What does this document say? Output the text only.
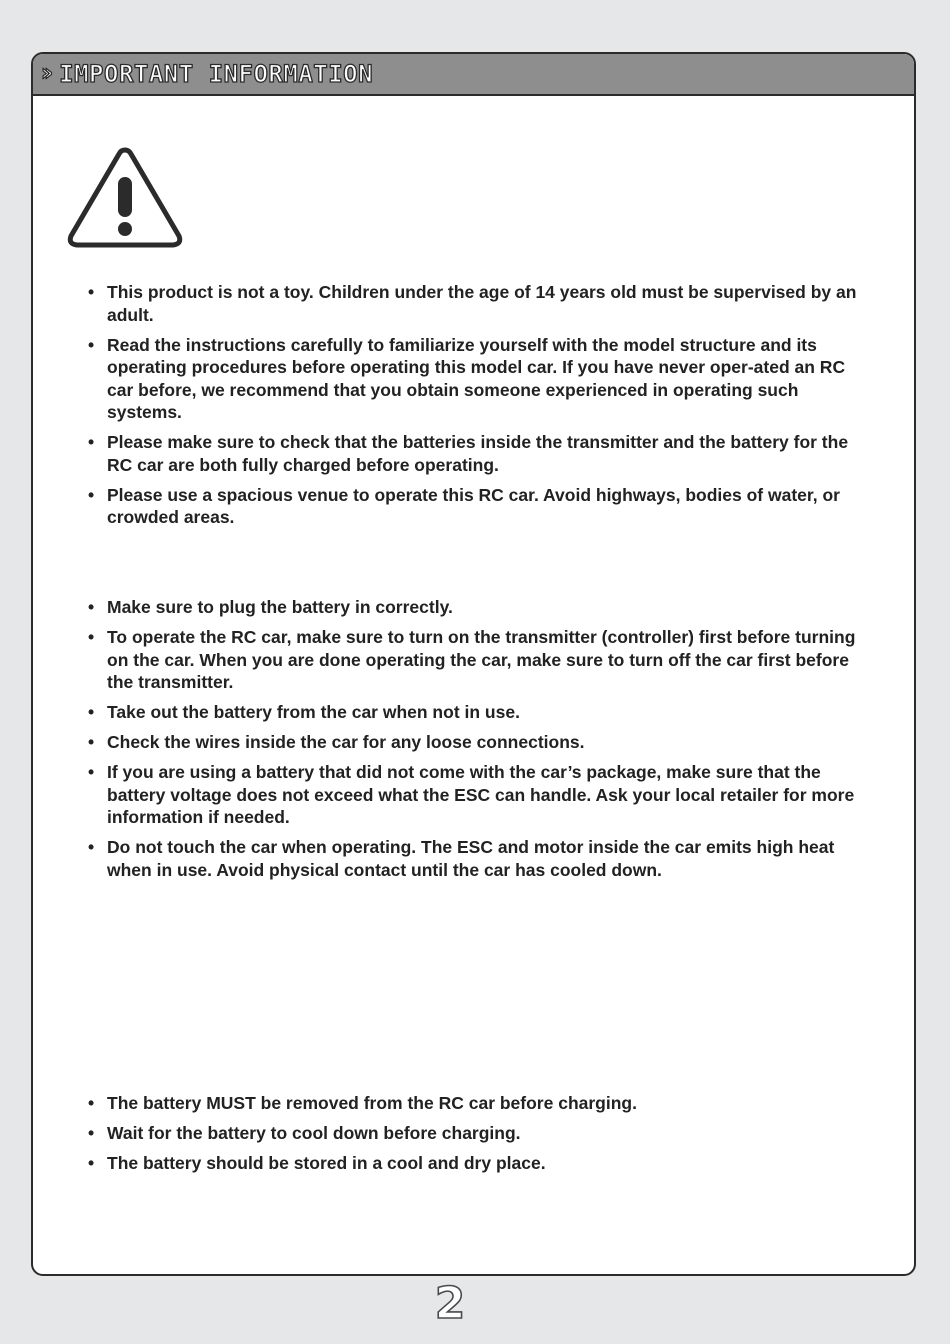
›› IMPORTANT INFORMATION
• This product is not a toy. Children under the age of 14 years old must be supervised by an adult.
• Read the instructions carefully to familiarize yourself with the model structure and its operating procedures before operating this model car. If you have never oper-ated an RC car before, we recommend that you obtain someone experienced in operating such systems.
• Please make sure to check that the batteries inside the transmitter and the battery for the RC car are both fully charged before operating.
• Please use a spacious venue to operate this RC car. Avoid highways, bodies of water, or crowded areas.
• Make sure to plug the battery in correctly.
• To operate the RC car, make sure to turn on the transmitter (controller) first before turning on the car. When you are done operating the car, make sure to turn off the car first before the transmitter.
• Take out the battery from the car when not in use.
• Check the wires inside the car for any loose connections.
• If you are using a battery that did not come with the car’s package, make sure that the battery voltage does not exceed what the ESC can handle. Ask your local retailer for more information if needed.
• Do not touch the car when operating. The ESC and motor inside the car emits high heat when in use. Avoid physical contact until the car has cooled down.
• The battery MUST be removed from the RC car before charging.
• Wait for the battery to cool down before charging.
• The battery should be stored in a cool and dry place.
2
